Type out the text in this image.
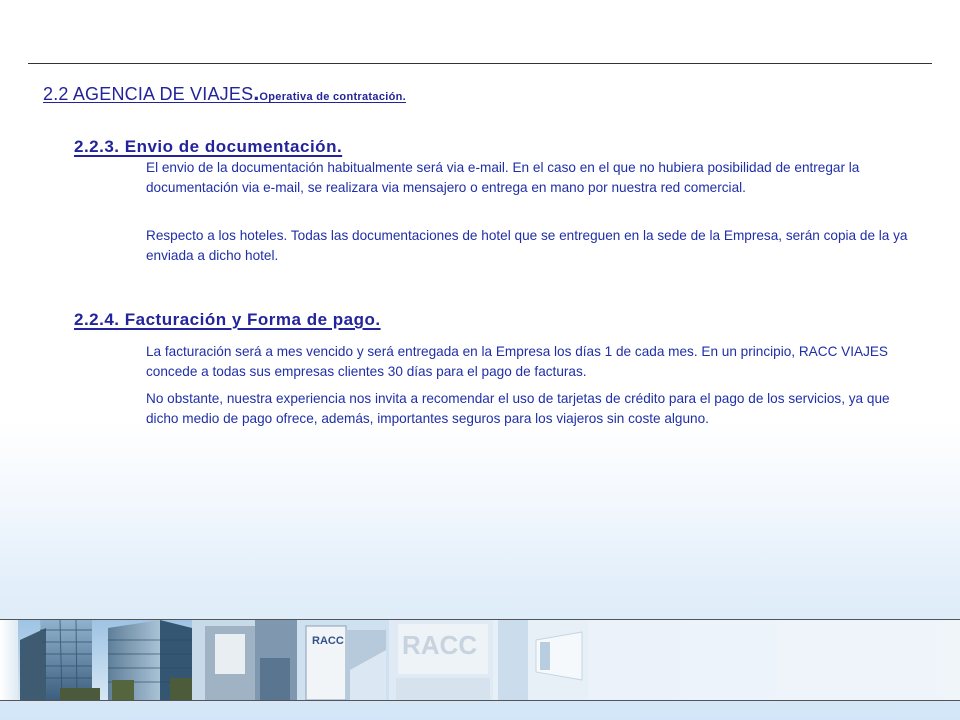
2.2 AGENCIA DE VIAJES.Operativa de contratación.
2.2.3. Envio de documentación.

El envio de la documentación habitualmente será via e-mail. En el caso en el que no hubiera posibilidad de entregar la documentación via e-mail, se realizara via mensajero o entrega en mano por nuestra red comercial.

Respecto a los hoteles. Todas las documentaciones de hotel que se entreguen en la sede de la Empresa, serán copia de la ya enviada a dicho hotel.

2.2.4. Facturación y Forma de pago.

La facturación será a mes vencido y será entregada en la Empresa los días 1 de cada mes. En un principio, RACC VIAJES concede a todas sus empresas clientes 30 días para el pago de facturas.

No obstante, nuestra experiencia nos invita a recomendar el uso de tarjetas de crédito para el pago de los servicios, ya que dicho medio de pago ofrece, además, importantes seguros para los viajeros sin coste alguno.

RACC RACC
